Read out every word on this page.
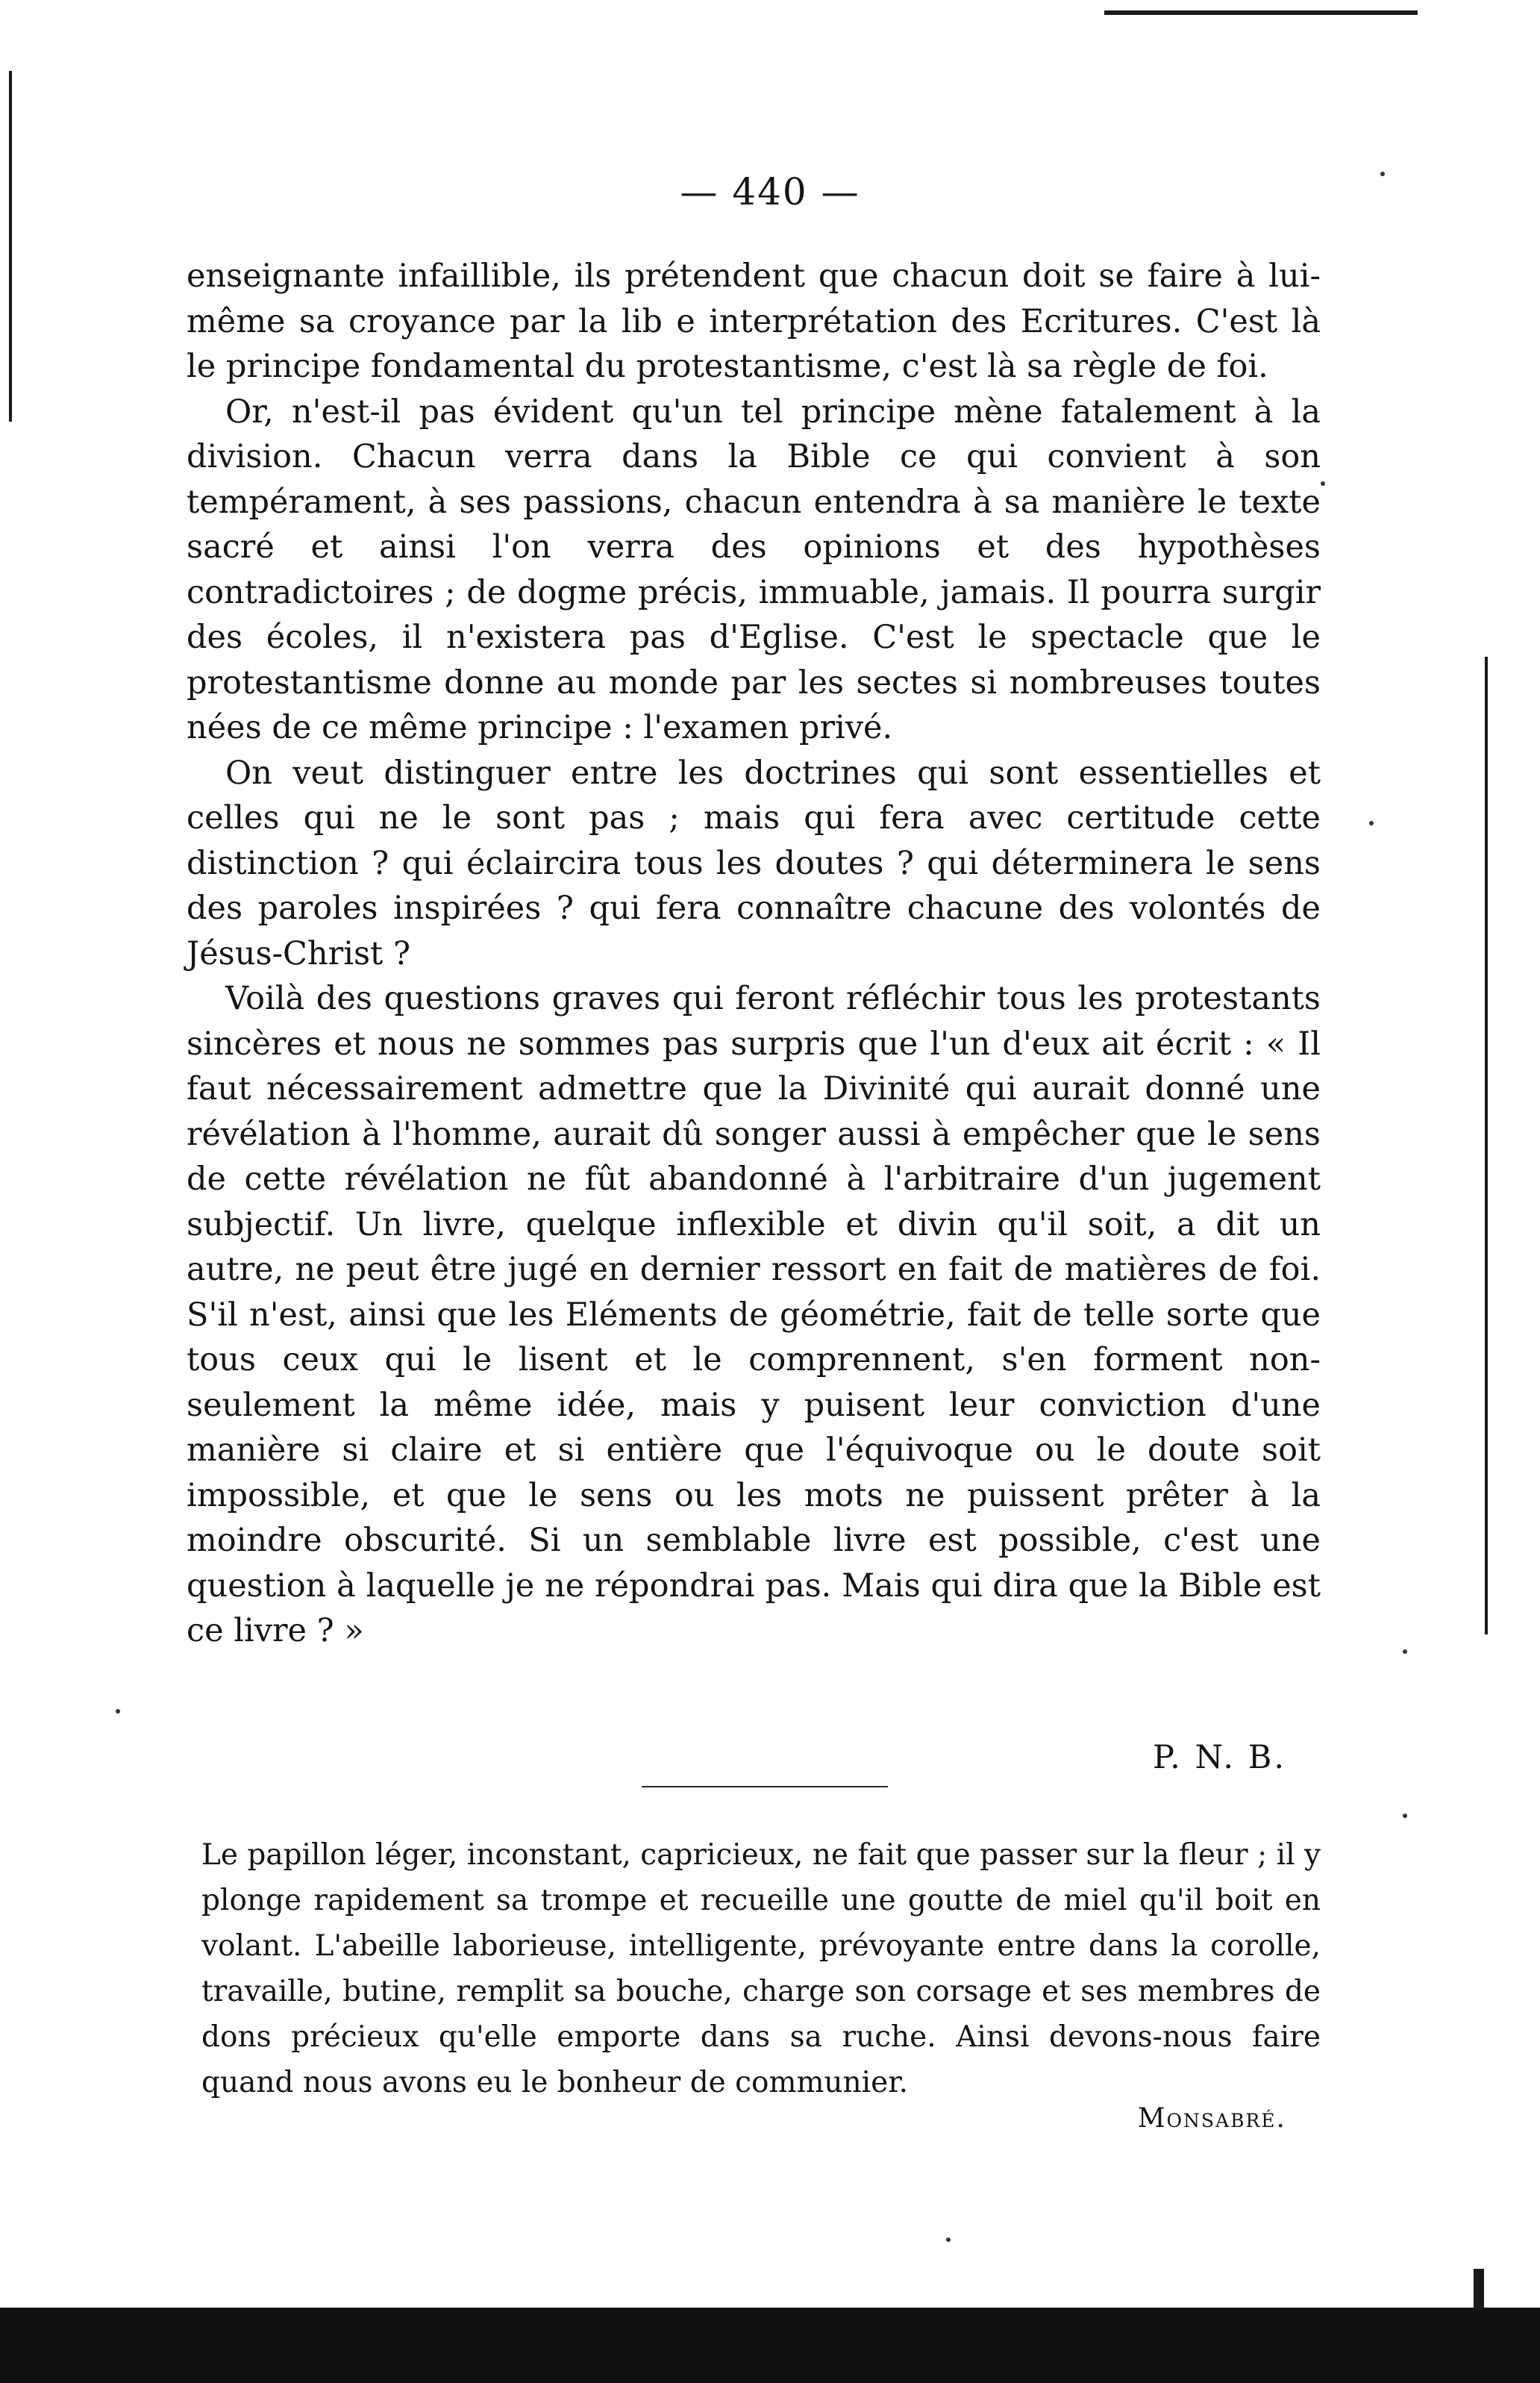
— 440 —

enseignante infaillible, ils prétendent que chacun doit se faire à lui-même sa croyance par la lib e interprétation des Ecritures. C'est là le principe fondamental du protestantisme, c'est là sa règle de foi.

Or, n'est-il pas évident qu'un tel principe mène fatalement à la division. Chacun verra dans la Bible ce qui convient à son tempérament, à ses passions, chacun entendra à sa manière le texte sacré et ainsi l'on verra des opinions et des hypothèses contradictoires ; de dogme précis, immuable, jamais. Il pourra surgir des écoles, il n'existera pas d'Eglise. C'est le spectacle que le protestantisme donne au monde par les sectes si nombreuses toutes nées de ce même principe : l'examen privé.

On veut distinguer entre les doctrines qui sont essentielles et celles qui ne le sont pas ; mais qui fera avec certitude cette distinction ? qui éclaircira tous les doutes ? qui déterminera le sens des paroles inspirées ? qui fera connaître chacune des volontés de Jésus-Christ ?

Voilà des questions graves qui feront réfléchir tous les protestants sincères et nous ne sommes pas surpris que l'un d'eux ait écrit : « Il faut nécessairement admettre que la Divinité qui aurait donné une révélation à l'homme, aurait dû songer aussi à empêcher que le sens de cette révélation ne fût abandonné à l'arbitraire d'un jugement subjectif. Un livre, quelque inflexible et divin qu'il soit, a dit un autre, ne peut être jugé en dernier ressort en fait de matières de foi. S'il n'est, ainsi que les Eléments de géométrie, fait de telle sorte que tous ceux qui le lisent et le comprennent, s'en forment non-seulement la même idée, mais y puisent leur conviction d'une manière si claire et si entière que l'équivoque ou le doute soit impossible, et que le sens ou les mots ne puissent prêter à la moindre obscurité. Si un semblable livre est possible, c'est une question à laquelle je ne répondrai pas. Mais qui dira que la Bible est ce livre ? »

P. N. B.

Le papillon léger, inconstant, capricieux, ne fait que passer sur la fleur ; il y plonge rapidement sa trompe et recueille une goutte de miel qu'il boit en volant. L'abeille laborieuse, intelligente, prévoyante entre dans la corolle, travaille, butine, remplit sa bouche, charge son corsage et ses membres de dons précieux qu'elle emporte dans sa ruche. Ainsi devons-nous faire quand nous avons eu le bonheur de communier.

Monsabré.
